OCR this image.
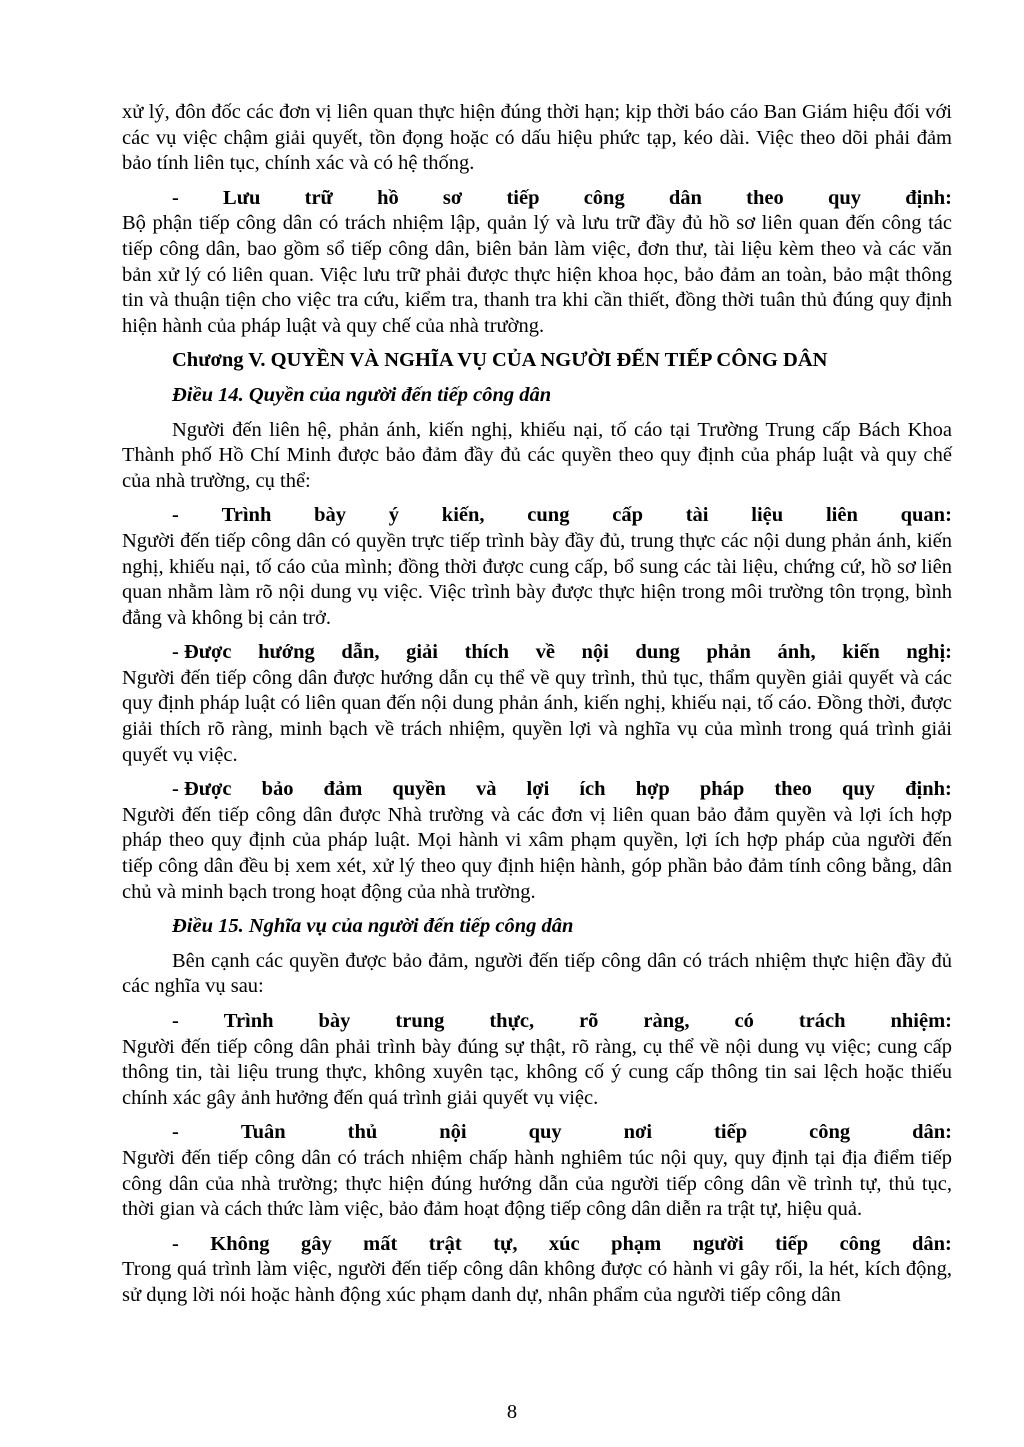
xử lý, đôn đốc các đơn vị liên quan thực hiện đúng thời hạn; kịp thời báo cáo Ban Giám hiệu đối với các vụ việc chậm giải quyết, tồn đọng hoặc có dấu hiệu phức tạp, kéo dài. Việc theo dõi phải đảm bảo tính liên tục, chính xác và có hệ thống.

- Lưu trữ hồ sơ tiếp công dân theo quy định:

Bộ phận tiếp công dân có trách nhiệm lập, quản lý và lưu trữ đầy đủ hồ sơ liên quan đến công tác tiếp công dân, bao gồm sổ tiếp công dân, biên bản làm việc, đơn thư, tài liệu kèm theo và các văn bản xử lý có liên quan. Việc lưu trữ phải được thực hiện khoa học, bảo đảm an toàn, bảo mật thông tin và thuận tiện cho việc tra cứu, kiểm tra, thanh tra khi cần thiết, đồng thời tuân thủ đúng quy định hiện hành của pháp luật và quy chế của nhà trường.

Chương V. QUYỀN VÀ NGHĨA VỤ CỦA NGƯỜI ĐẾN TIẾP CÔNG DÂN
Điều 14. Quyền của người đến tiếp công dân

Người đến liên hệ, phản ánh, kiến nghị, khiếu nại, tố cáo tại Trường Trung cấp Bách Khoa Thành phố Hồ Chí Minh được bảo đảm đầy đủ các quyền theo quy định của pháp luật và quy chế của nhà trường, cụ thể:

- Trình bày ý kiến, cung cấp tài liệu liên quan:

Người đến tiếp công dân có quyền trực tiếp trình bày đầy đủ, trung thực các nội dung phản ánh, kiến nghị, khiếu nại, tố cáo của mình; đồng thời được cung cấp, bổ sung các tài liệu, chứng cứ, hồ sơ liên quan nhằm làm rõ nội dung vụ việc. Việc trình bày được thực hiện trong môi trường tôn trọng, bình đẳng và không bị cản trở.

- Được hướng dẫn, giải thích về nội dung phản ánh, kiến nghị:

Người đến tiếp công dân được hướng dẫn cụ thể về quy trình, thủ tục, thẩm quyền giải quyết và các quy định pháp luật có liên quan đến nội dung phản ánh, kiến nghị, khiếu nại, tố cáo. Đồng thời, được giải thích rõ ràng, minh bạch về trách nhiệm, quyền lợi và nghĩa vụ của mình trong quá trình giải quyết vụ việc.

- Được bảo đảm quyền và lợi ích hợp pháp theo quy định:

Người đến tiếp công dân được Nhà trường và các đơn vị liên quan bảo đảm quyền và lợi ích hợp pháp theo quy định của pháp luật. Mọi hành vi xâm phạm quyền, lợi ích hợp pháp của người đến tiếp công dân đều bị xem xét, xử lý theo quy định hiện hành, góp phần bảo đảm tính công bằng, dân chủ và minh bạch trong hoạt động của nhà trường.

Điều 15. Nghĩa vụ của người đến tiếp công dân

Bên cạnh các quyền được bảo đảm, người đến tiếp công dân có trách nhiệm thực hiện đầy đủ các nghĩa vụ sau:

- Trình bày trung thực, rõ ràng, có trách nhiệm:

Người đến tiếp công dân phải trình bày đúng sự thật, rõ ràng, cụ thể về nội dung vụ việc; cung cấp thông tin, tài liệu trung thực, không xuyên tạc, không cố ý cung cấp thông tin sai lệch hoặc thiếu chính xác gây ảnh hưởng đến quá trình giải quyết vụ việc.

-	Tuân	thủ	nội	quy	nơi	tiếp	công	dân:

Người đến tiếp công dân có trách nhiệm chấp hành nghiêm túc nội quy, quy định tại địa điểm tiếp công dân của nhà trường; thực hiện đúng hướng dẫn của người tiếp công dân về trình tự, thủ tục, thời gian và cách thức làm việc, bảo đảm hoạt động tiếp công dân diễn ra trật tự, hiệu quả.

- Không gây mất trật tự, xúc phạm người tiếp công dân:

Trong quá trình làm việc, người đến tiếp công dân không được có hành vi gây rối, la hét, kích động, sử dụng lời nói hoặc hành động xúc phạm danh dự, nhân phẩm của người tiếp công dân

8
